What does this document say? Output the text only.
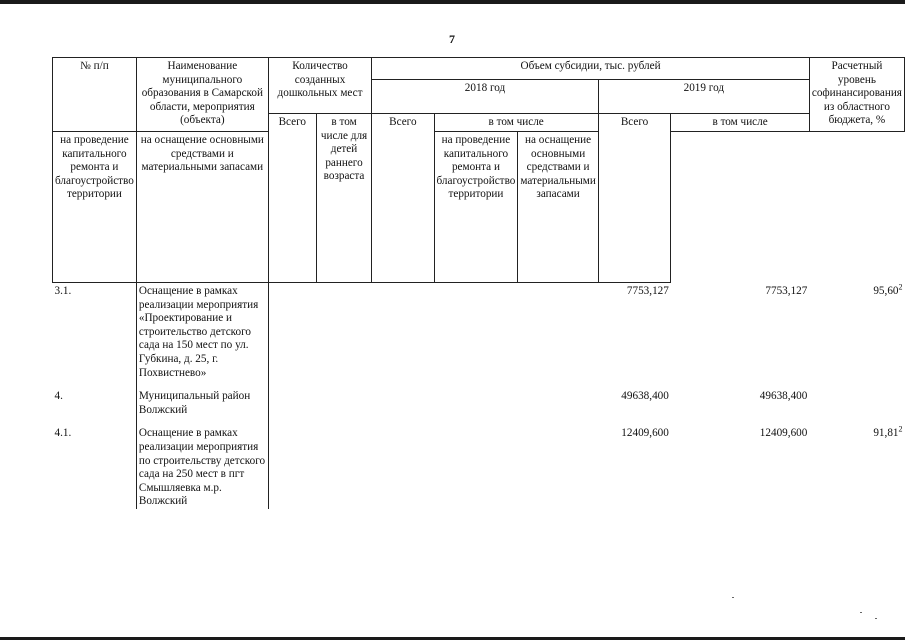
7
№ п/п	Наименование муниципального образования в Самарской области, мероприятия (объекта)	Количество созданных дошкольных мест		Объем субсидии, тыс. рублей						Расчетный уровень софинансирования из областного бюджета, %
				2018 год			2019 год			
		Всего	в том числе для детей раннего возраста	Всего	в том числе		Всего	в том числе		
на проведение капитального ремонта и благоустройство территории	на оснащение основными средствами и материальными запасами				на проведение капитального ремонта и благоустройство территории	на оснащение основными средствами и материальными запасами				
3.1.	Оснащение в рамках реализации мероприятия «Проектирование и строительство детского сада на 150 мест по ул. Губкина, д. 25, г. Похвистнево»						7753,127		7753,127	95,60$^2$
4.	Муниципальный район Волжский						49638,400		49638,400	
4.1.	Оснащение в рамках реализации мероприятия по строительству детского сада на 250 мест в пгт Смышляевка м.р. Волжский						12409,600		12409,600	91,81$^2$
